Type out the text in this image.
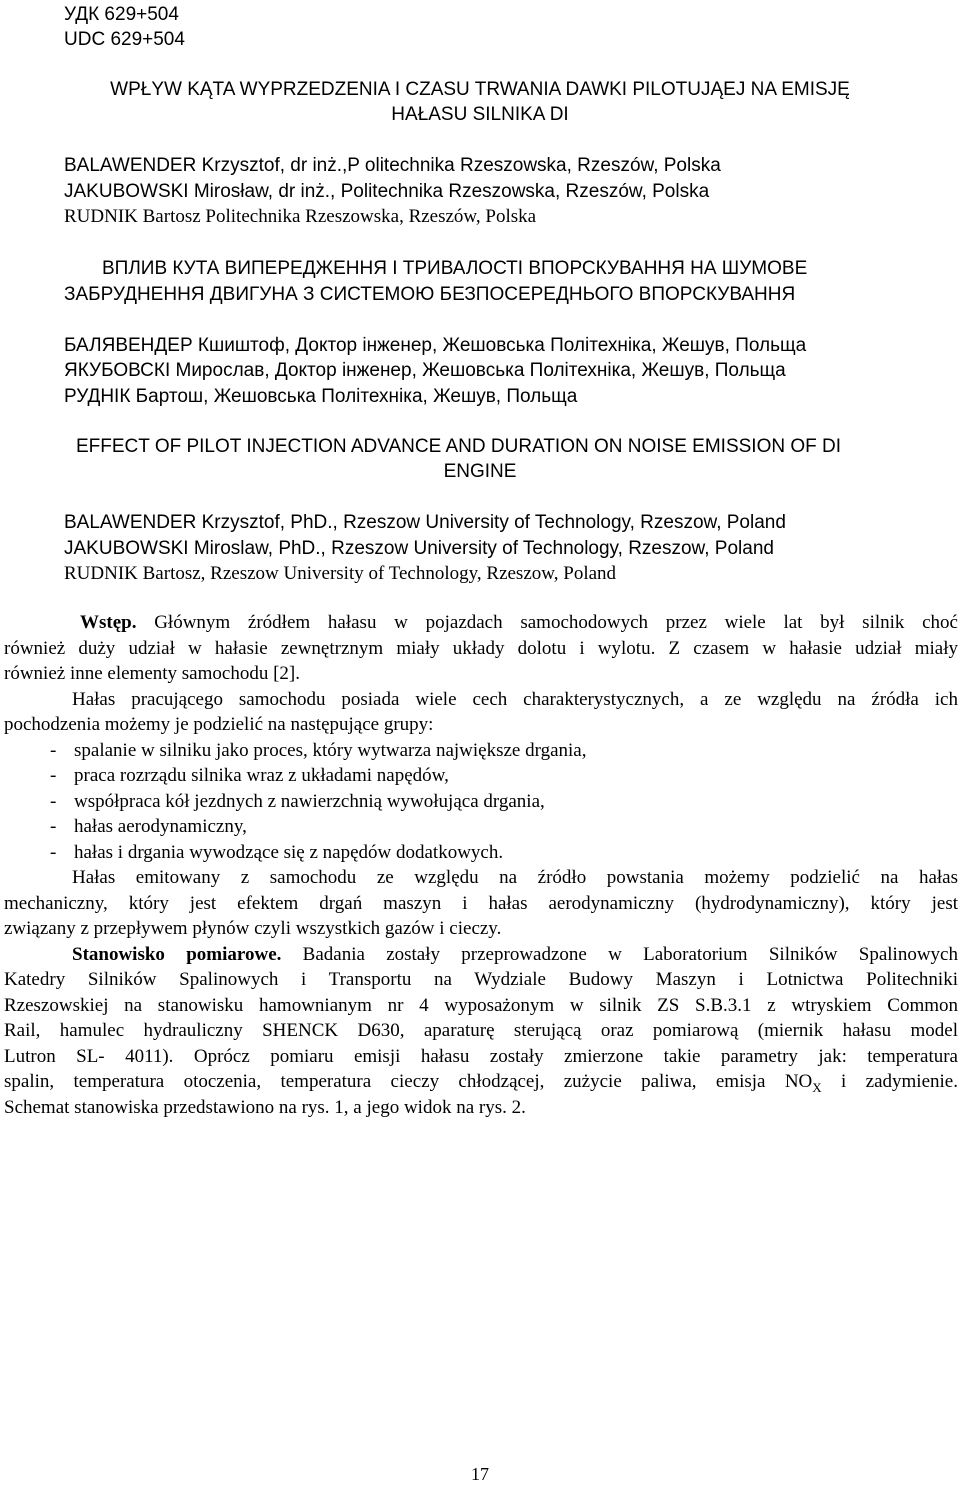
УДК 629+504
UDC 629+504
WPŁYW KĄTA WYPRZEDZENIA I CZASU TRWANIA DAWKI PILOTUJĄEJ NA EMISJĘ
HAŁASU SILNIKA DI
BALAWENDER Krzysztof, dr inż.,P olitechnika Rzeszowska, Rzeszów, Polska
JAKUBOWSKI Mirosław, dr inż., Politechnika Rzeszowska, Rzeszów, Polska
RUDNIK Bartosz Politechnika Rzeszowska, Rzeszów, Polska
ВПЛИВ КУТА ВИПЕРЕДЖЕННЯ І ТРИВАЛОСТІ ВПОРСКУВАННЯ НА ШУМОВЕ
ЗАБРУДНЕННЯ ДВИГУНА З СИСТЕМОЮ БЕЗПОСЕРЕДНЬОГО ВПОРСКУВАННЯ
БАЛЯВЕНДЕР Кшиштоф, Доктор інженер, Жешовська Політехніка, Жешув, Польща
ЯКУБОВСКІ Мирослав, Доктор інженер, Жешовська Політехніка, Жешув, Польща
РУДНІК Бартош, Жешовська Політехніка, Жешув, Польща
EFFECT OF PILOT INJECTION ADVANCE AND DURATION ON NOISE EMISSION OF DI
ENGINE
BALAWENDER Krzysztof, PhD., Rzeszow University of Technology, Rzeszow, Poland
JAKUBOWSKI Miroslaw, PhD., Rzeszow University of Technology, Rzeszow, Poland
RUDNIK Bartosz, Rzeszow University of Technology, Rzeszow, Poland
Wstęp. Głównym źródłem hałasu w pojazdach samochodowych przez wiele lat był silnik choć
również duży udział w hałasie zewnętrznym miały układy dolotu i wylotu. Z czasem w hałasie udział miały
również inne elementy samochodu [2].
Hałas pracującego samochodu posiada wiele cech charakterystycznych, a ze względu na źródła ich
pochodzenia możemy je podzielić na następujące grupy:
- spalanie w silniku jako proces, który wytwarza największe drgania,
- praca rozrządu silnika wraz z układami napędów,
- współpraca kół jezdnych z nawierzchnią wywołująca drgania,
- hałas aerodynamiczny,
- hałas i drgania wywodzące się z napędów dodatkowych.
Hałas emitowany z samochodu ze względu na źródło powstania możemy podzielić na hałas
mechaniczny, który jest efektem drgań maszyn i hałas aerodynamiczny (hydrodynamiczny), który jest
związany z przepływem płynów czyli wszystkich gazów i cieczy.
Stanowisko pomiarowe. Badania zostały przeprowadzone w Laboratorium Silników Spalinowych
Katedry Silników Spalinowych i Transportu na Wydziale Budowy Maszyn i Lotnictwa Politechniki
Rzeszowskiej na stanowisku hamownianym nr 4 wyposażonym w silnik ZS S.B.3.1 z wtryskiem Common
Rail, hamulec hydrauliczny SHENCK D630, aparaturę sterującą oraz pomiarową (miernik hałasu model
Lutron SL- 4011). Oprócz pomiaru emisji hałasu zostały zmierzone takie parametry jak: temperatura
spalin, temperatura otoczenia, temperatura cieczy chłodzącej, zużycie paliwa, emisja $NO_X$ i zadymienie.
Schemat stanowiska przedstawiono na rys. 1, a jego widok na rys. 2.
17
